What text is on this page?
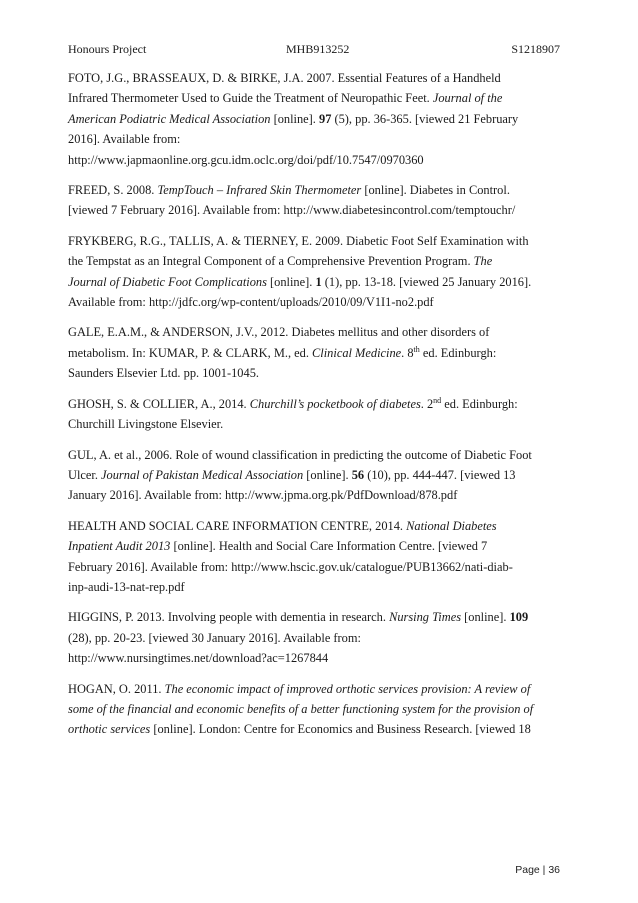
Honours Project	MHB913252	S1218907
FOTO, J.G., BRASSEAUX, D. & BIRKE, J.A. 2007. Essential Features of a Handheld
Infrared Thermometer Used to Guide the Treatment of Neuropathic Feet. Journal of the
American Podiatric Medical Association [online]. 97 (5), pp. 36-365. [viewed 21 February
2016]. Available from:
http://www.japmaonline.org.gcu.idm.oclc.org/doi/pdf/10.7547/0970360
FREED, S. 2008. TempTouch – Infrared Skin Thermometer [online]. Diabetes in Control.
[viewed 7 February 2016]. Available from: http://www.diabetesincontrol.com/temptouchr/
FRYKBERG, R.G., TALLIS, A. & TIERNEY, E. 2009. Diabetic Foot Self Examination with
the Tempstat as an Integral Component of a Comprehensive Prevention Program. The
Journal of Diabetic Foot Complications [online]. 1 (1), pp. 13-18. [viewed 25 January 2016].
Available from: http://jdfc.org/wp-content/uploads/2010/09/V1I1-no2.pdf
GALE, E.A.M., & ANDERSON, J.V., 2012. Diabetes mellitus and other disorders of
metabolism. In: KUMAR, P. & CLARK, M., ed. Clinical Medicine. 8th ed. Edinburgh:
Saunders Elsevier Ltd. pp. 1001-1045.
GHOSH, S. & COLLIER, A., 2014. Churchill’s pocketbook of diabetes. 2nd ed. Edinburgh:
Churchill Livingstone Elsevier.
GUL, A. et al., 2006. Role of wound classification in predicting the outcome of Diabetic Foot
Ulcer. Journal of Pakistan Medical Association [online]. 56 (10), pp. 444-447. [viewed 13
January 2016]. Available from: http://www.jpma.org.pk/PdfDownload/878.pdf
HEALTH AND SOCIAL CARE INFORMATION CENTRE, 2014. National Diabetes
Inpatient Audit 2013 [online]. Health and Social Care Information Centre. [viewed 7
February 2016]. Available from: http://www.hscic.gov.uk/catalogue/PUB13662/nati-diab-
inp-audi-13-nat-rep.pdf
HIGGINS, P. 2013. Involving people with dementia in research. Nursing Times [online]. 109
(28), pp. 20-23. [viewed 30 January 2016]. Available from:
http://www.nursingtimes.net/download?ac=1267844
HOGAN, O. 2011. The economic impact of improved orthotic services provision: A review of
some of the financial and economic benefits of a better functioning system for the provision of
orthotic services [online]. London: Centre for Economics and Business Research. [viewed 18
Page | 36
